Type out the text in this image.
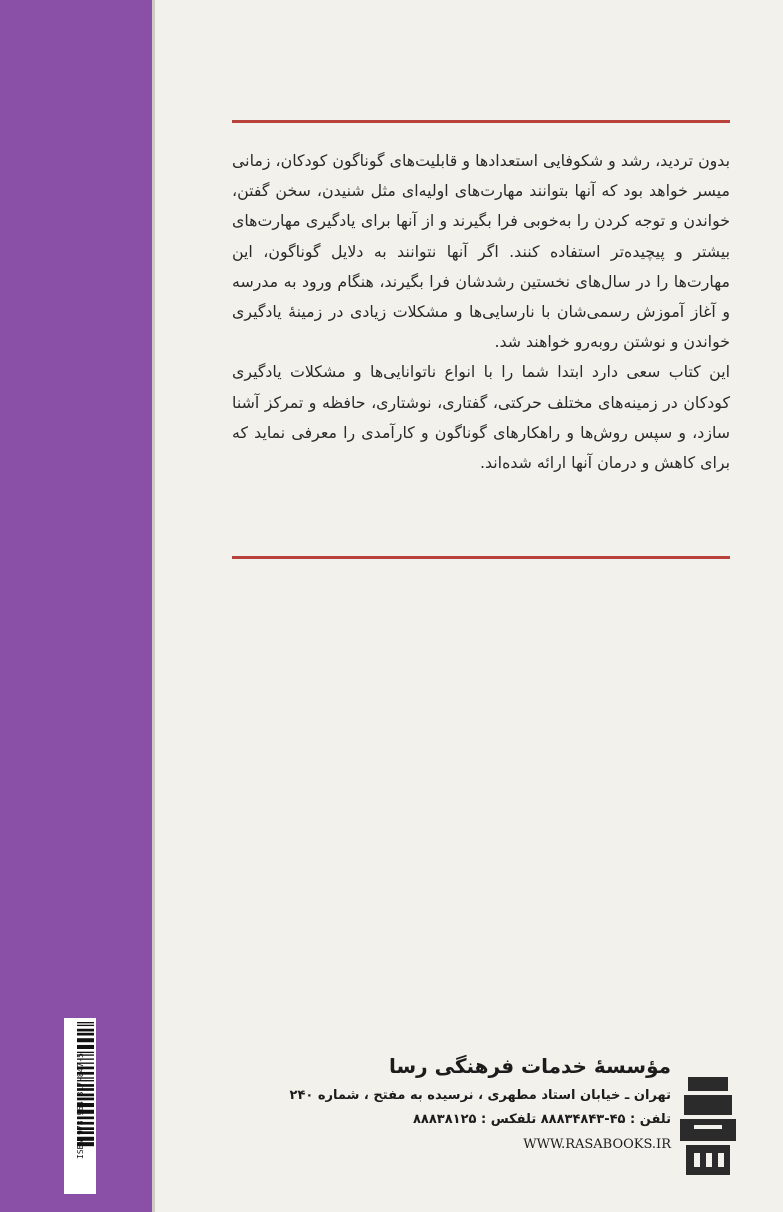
بدون تردید، رشد و شکوفایی استعدادها و قابلیت‌های گوناگون کودکان، زمانی میسر خواهد بود که آنها بتوانند مهارت‌های اولیه‌ای مثل شنیدن، سخن گفتن، خواندن و توجه کردن را به‌خوبی فرا بگیرند و از آنها برای یادگیری مهارت‌های بیشتر و پیچیده‌تر استفاده کنند. اگر آنها نتوانند به دلایل گوناگون، این مهارت‌ها را در سال‌های نخستین رشدشان فرا بگیرند، هنگام ورود به مدرسه و آغاز آموزش رسمی‌شان با نارسایی‌ها و مشکلات زیادی در زمینهٔ یادگیری خواندن و نوشتن روبه‌رو خواهند شد.

این کتاب سعی دارد ابتدا شما را با انواع ناتوانایی‌ها و مشکلات یادگیری کودکان در زمینه‌های مختلف حرکتی، گفتاری، نوشتاری، حافظه و تمرکز آشنا سازد، و سپس روش‌ها و راهکارهای گوناگون و کارآمدی را معرفی نماید که برای کاهش و درمان آنها ارائه شده‌اند.

ISBN 978-964-317-847-5	مؤسسهٔ خدمات فرهنگی رسا
تهران ـ خیابان استاد مطهری ، نرسیده به مفتح ، شماره ۲۴۰
تلفن : ۴۵-۸۸۸۳۴۸۴۳ تلفکس : ۸۸۸۳۸۱۲۵
WWW.RASABOOKS.IR
